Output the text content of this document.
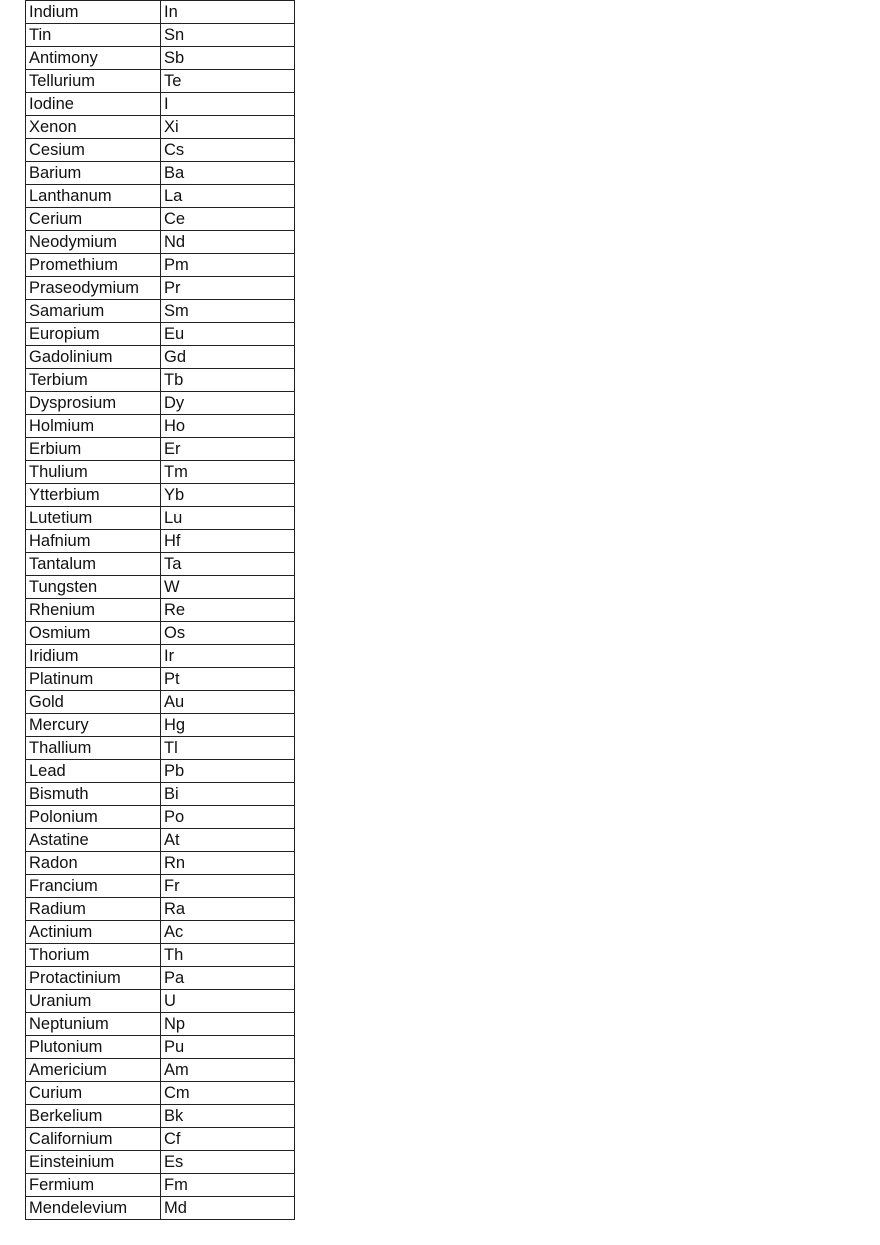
Indium	In
Tin	Sn
Antimony	Sb
Tellurium	Te
Iodine	I
Xenon	Xi
Cesium	Cs
Barium	Ba
Lanthanum	La
Cerium	Ce
Neodymium	Nd
Promethium	Pm
Praseodymium	Pr
Samarium	Sm
Europium	Eu
Gadolinium	Gd
Terbium	Tb
Dysprosium	Dy
Holmium	Ho
Erbium	Er
Thulium	Tm
Ytterbium	Yb
Lutetium	Lu
Hafnium	Hf
Tantalum	Ta
Tungsten	W
Rhenium	Re
Osmium	Os
Iridium	Ir
Platinum	Pt
Gold	Au
Mercury	Hg
Thallium	Tl
Lead	Pb
Bismuth	Bi
Polonium	Po
Astatine	At
Radon	Rn
Francium	Fr
Radium	Ra
Actinium	Ac
Thorium	Th
Protactinium	Pa
Uranium	U
Neptunium	Np
Plutonium	Pu
Americium	Am
Curium	Cm
Berkelium	Bk
Californium	Cf
Einsteinium	Es
Fermium	Fm
Mendelevium	Md
